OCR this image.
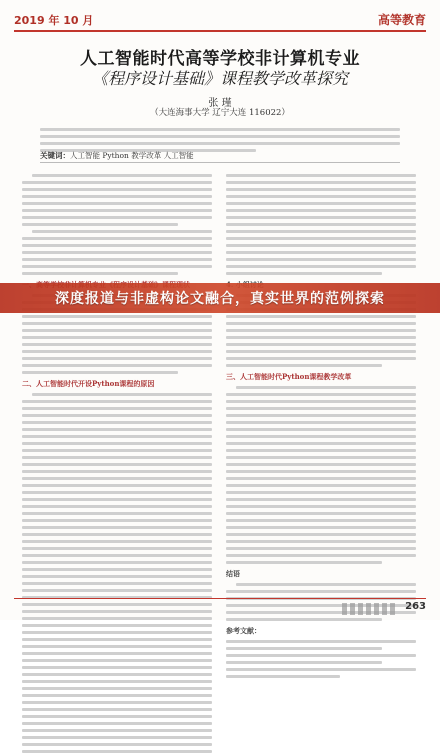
2019 年 10 月	高等教育
人工智能时代高等学校非计算机专业
《程序设计基础》课程教学改革探究
张 瑾
（大连海事大学 辽宁大连 116022）
关键词：人工智能 Python 教学改革 人工智能
二、人工智能时代开设Python课程的原因
三、人工智能时代Python课程教学改革
结语
参考文献：
深度报道与非虚构论文融合，真实世界的范例探索
263
